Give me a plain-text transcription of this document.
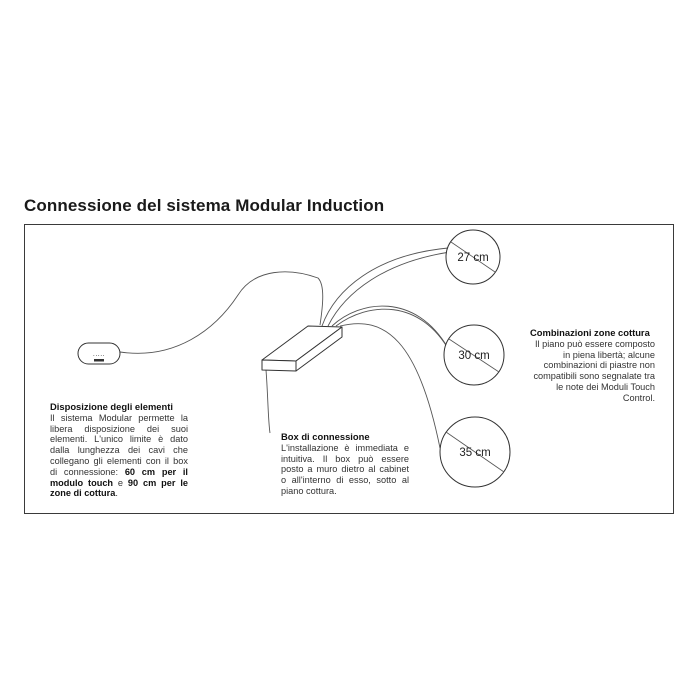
Connessione del sistema Modular Induction
.....
27 cm
30 cm
35 cm
Disposizione degli elementi
Il sistema Modular permette la libera disposizione dei suoi elementi. L'unico limite è dato dalla lunghezza dei cavi che collegano gli elementi con il box di connessione: 60 cm per il modulo touch e 90 cm per le zone di cottura.
Box di connessione
L'installazione è immediata e intuitiva. Il box può essere posto a muro dietro al cabinet o all'interno di esso, sotto al piano cottura.
Combinazioni zone cottura
Il piano può essere composto in piena libertà; alcune combinazioni di piastre non compatibili sono segnalate tra le note dei Moduli Touch Control.
